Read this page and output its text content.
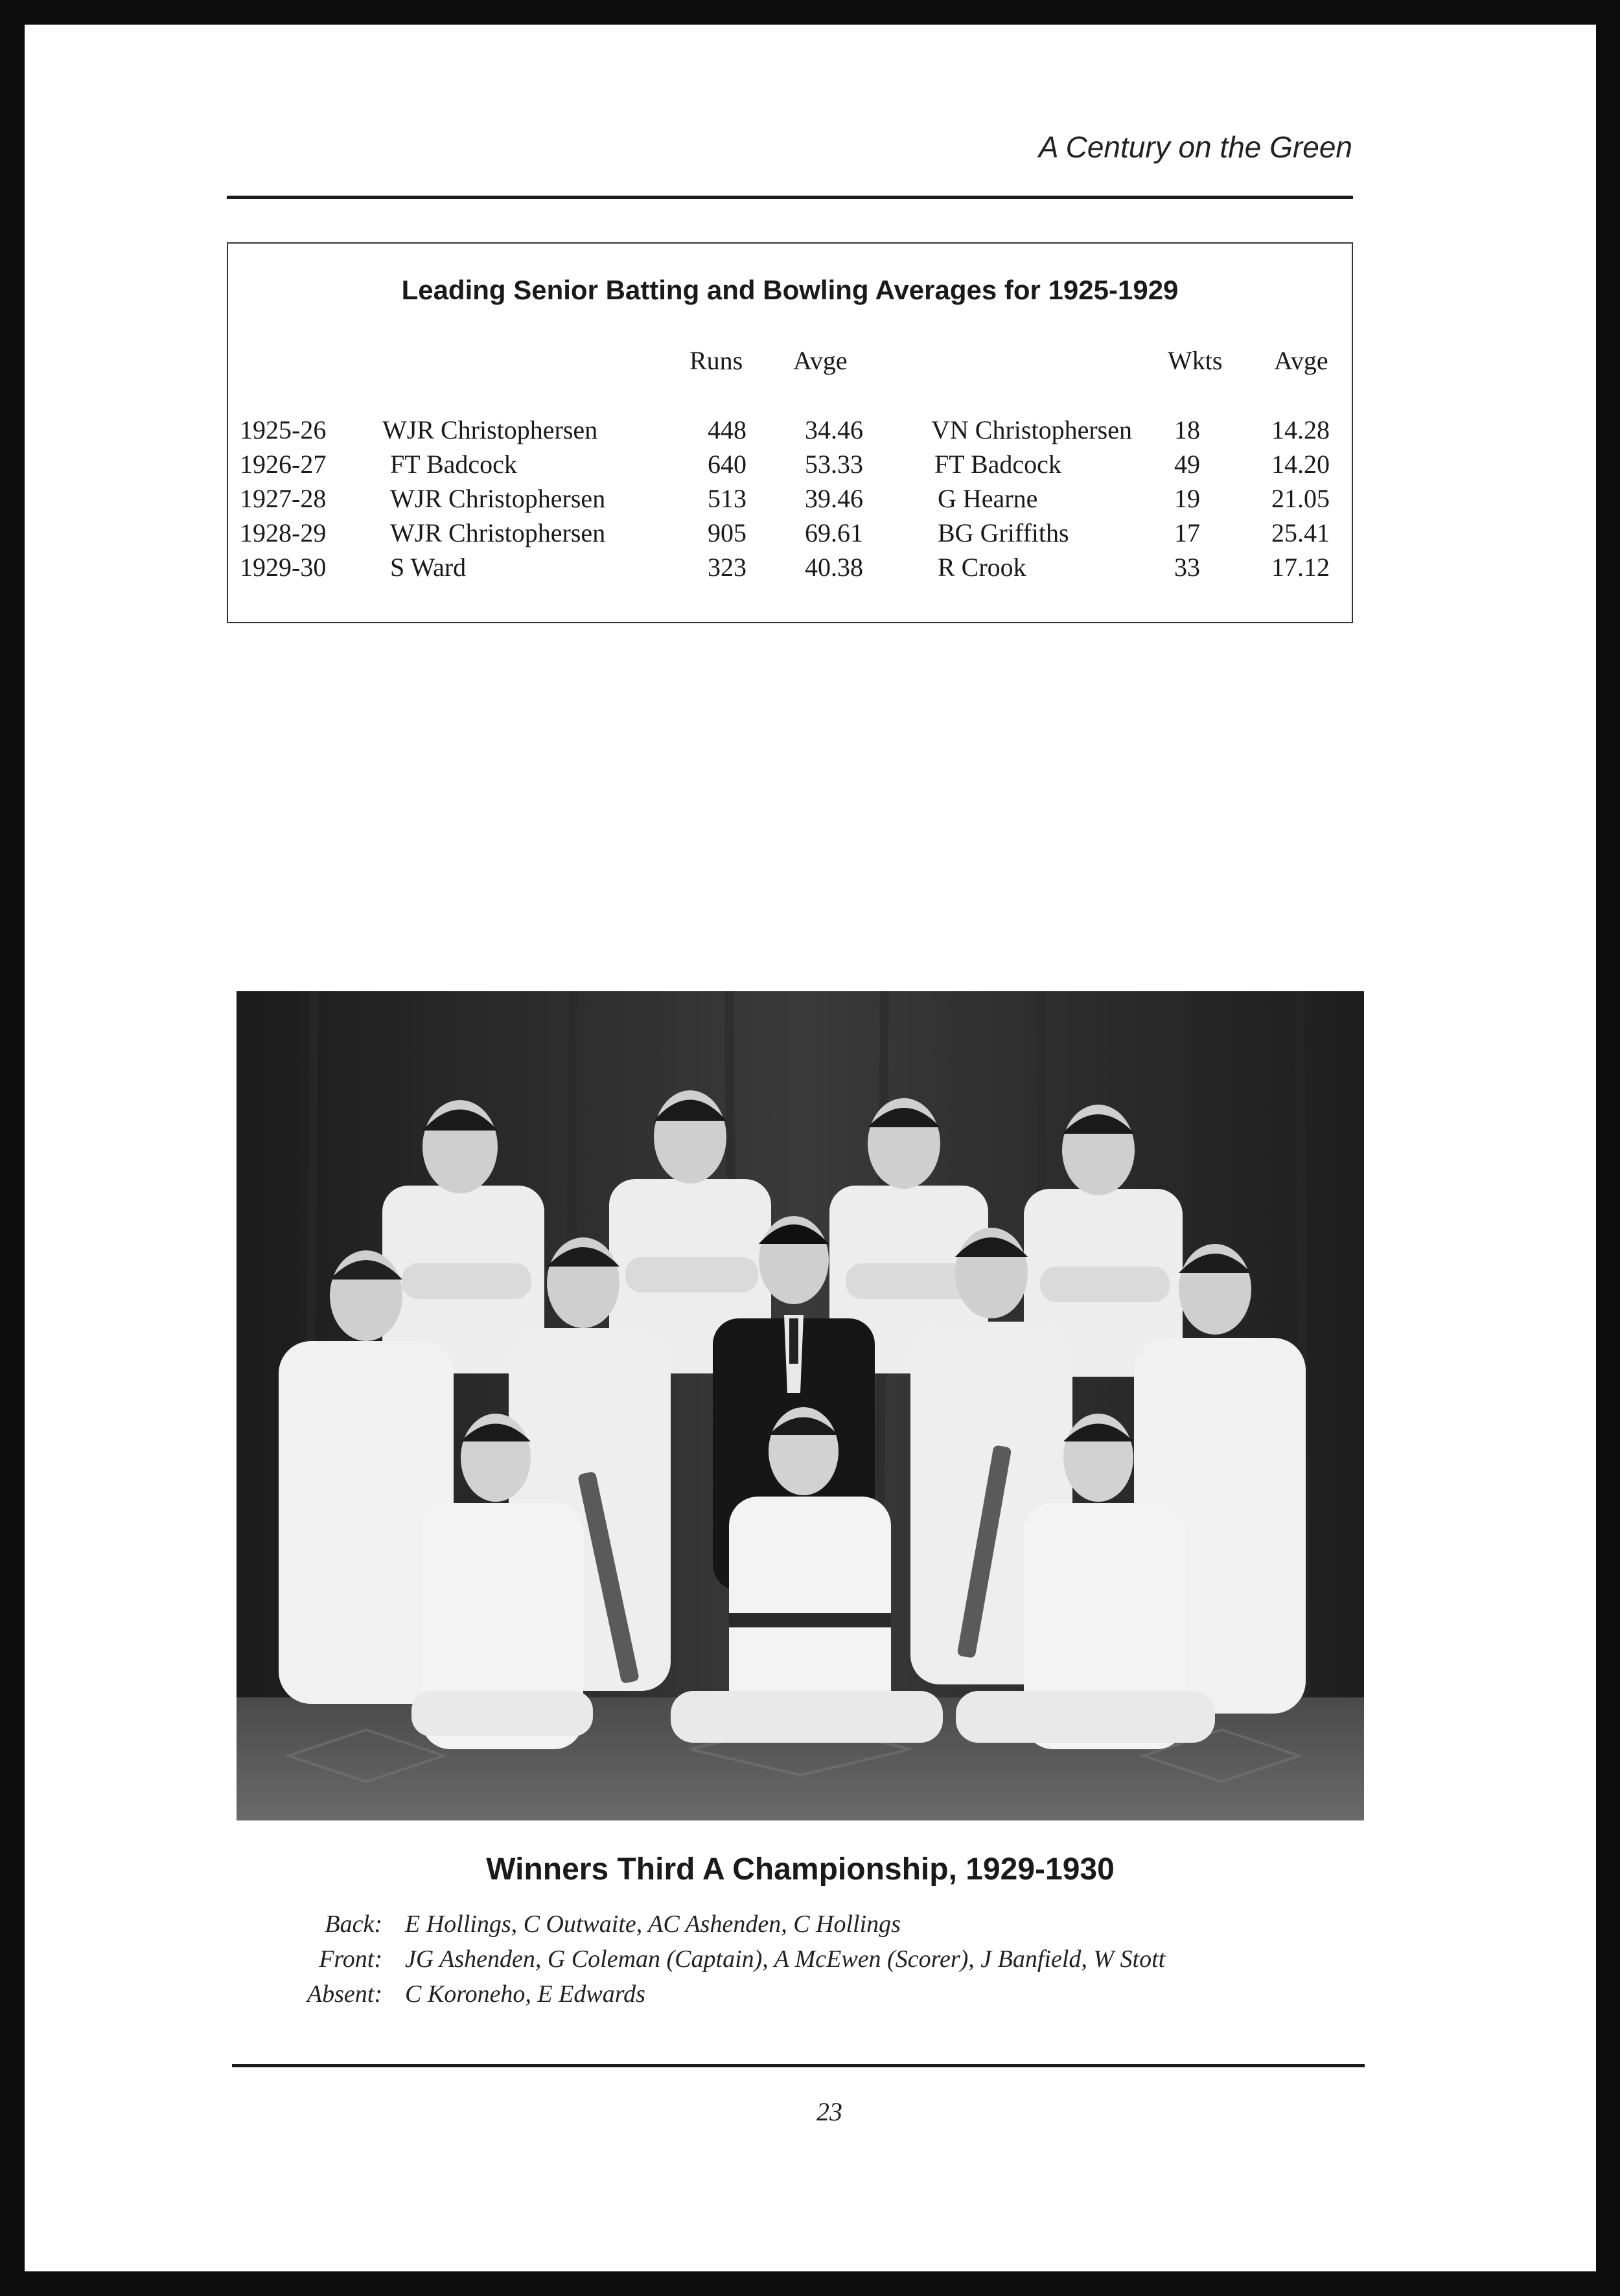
A Century on the Green
Leading Senior Batting and Bowling Averages for 1925-1929
Runs Avge	Wkts Avge
1925-26 WJR Christophersen	448	34.46	VN Christophersen	18	14.28
1926-27 FT Badcock	640	53.33	FT Badcock	49	14.20
1927-28 WJR Christophersen	513	39.46	G Hearne	19	21.05
1928-29 WJR Christophersen	905	69.61	BG Griffiths	17	25.41
1929-30 S Ward	323	40.38	R Crook	33	17.12
Winners Third A Championship, 1929-1930
Back: E Hollings, C Outwaite, AC Ashenden, C Hollings
Front: JG Ashenden, G Coleman (Captain), A McEwen (Scorer), J Banfield, W Stott
Absent: C Koroneho, E Edwards
23
